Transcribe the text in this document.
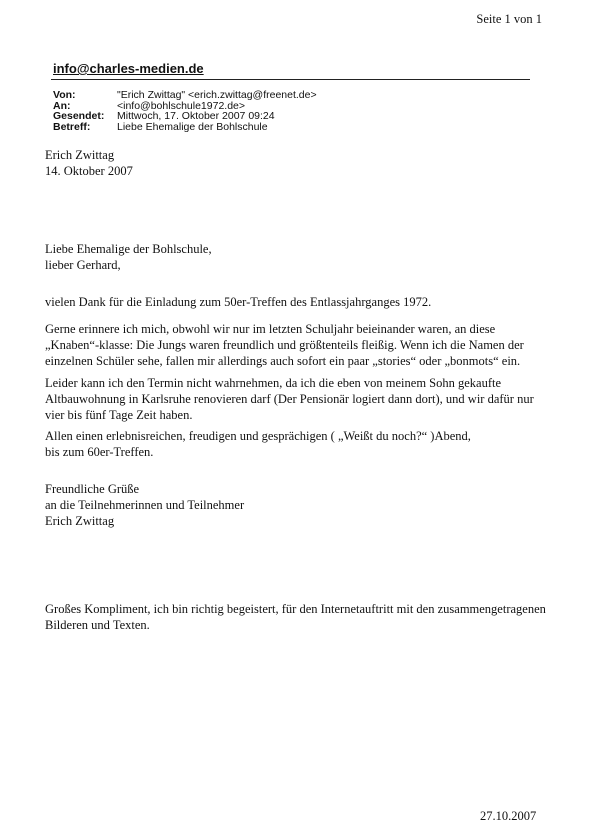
Seite 1 von 1
info@charles-medien.de
Von:	"Erich Zwittag" <erich.zwittag@freenet.de>
An:	<info@bohlschule1972.de>
Gesendet:	Mittwoch, 17. Oktober 2007 09:24
Betreff:	Liebe Ehemalige der Bohlschule
Erich Zwittag
14. Oktober 2007
Liebe Ehemalige der Bohlschule,
lieber Gerhard,
vielen Dank für die Einladung zum 50er-Treffen des Entlassjahrganges 1972.
Gerne erinnere ich mich, obwohl wir nur im letzten Schuljahr beieinander waren, an diese
„Knaben“-klasse: Die Jungs waren freundlich und größtenteils fleißig. Wenn ich die Namen der
einzelnen Schüler sehe, fallen mir allerdings auch sofort ein paar „stories“ oder „bonmots“ ein.
Leider kann ich den Termin nicht wahrnehmen, da ich die eben von meinem Sohn gekaufte
Altbauwohnung in Karlsruhe renovieren darf (Der Pensionär logiert dann dort), und wir dafür nur
vier bis fünf Tage Zeit haben.
Allen einen erlebnisreichen, freudigen und gesprächigen ( „Weißt du noch?“ )Abend,
bis zum 60er-Treffen.
Freundliche Grüße
an die Teilnehmerinnen und Teilnehmer
Erich Zwittag
Großes Kompliment, ich bin richtig begeistert, für den Internetauftritt mit den zusammengetragenen
Bilderen und Texten.
27.10.2007
